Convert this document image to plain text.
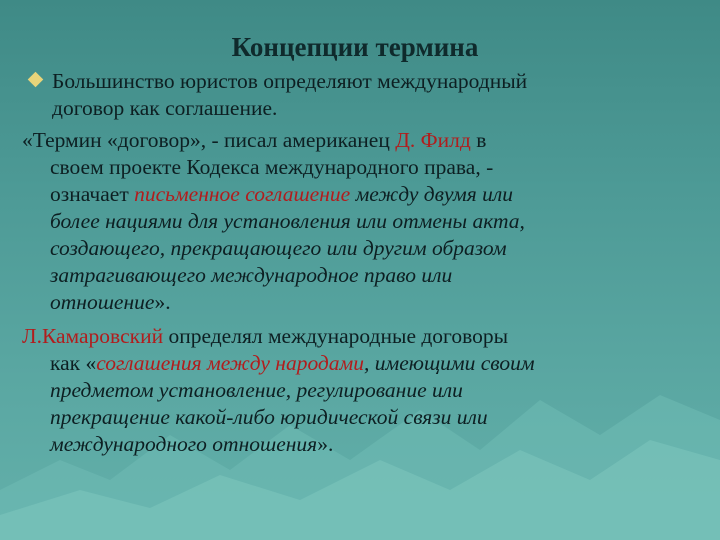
Концепции термина
Большинство юристов определяют международный
договор как соглашение.
«Термин «договор», - писал американец Д. Филд в
своем проекте Кодекса международного права, -
означает письменное соглашение между двумя или
более нациями для установления или отмены акта,
создающего, прекращающего или другим образом
затрагивающего международное право или
отношение».
Л.Камаровский определял международные договоры
как «соглашения между народами, имеющими своим
предметом установление, регулирование или
прекращение какой-либо юридической связи или
международного отношения».
